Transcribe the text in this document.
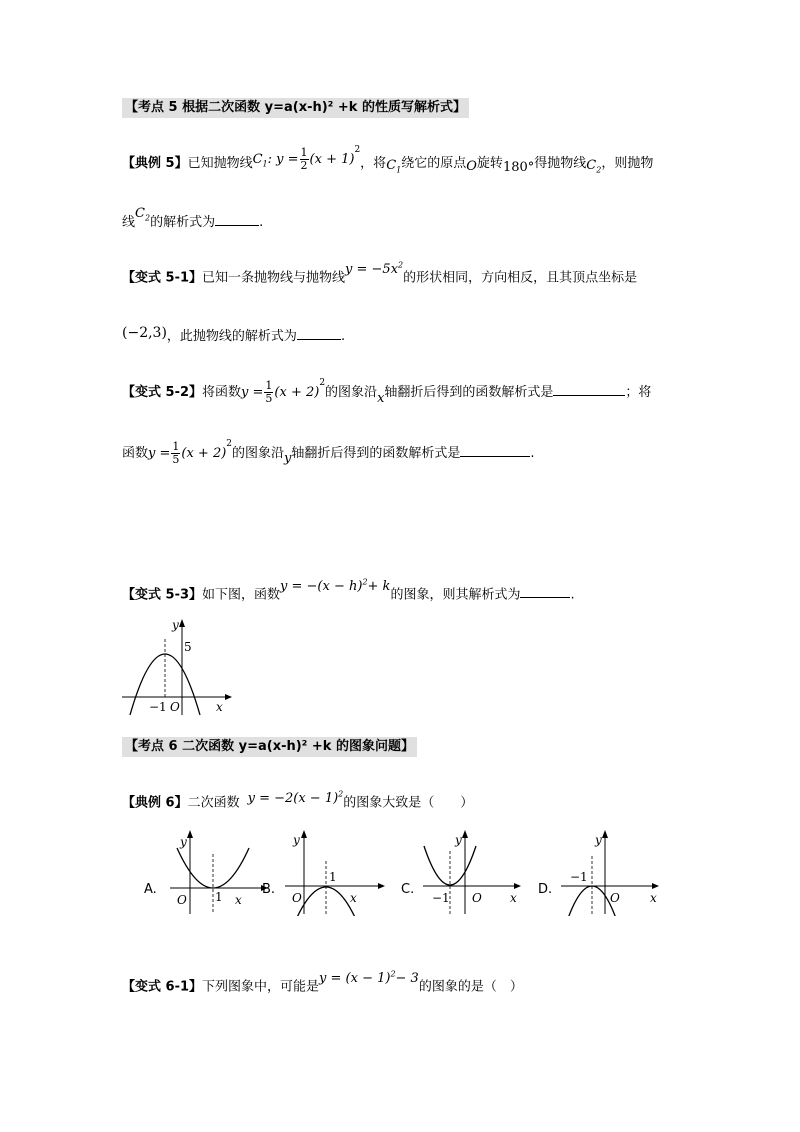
【考点 5 根据二次函数 y=a(x-h)² +k 的性质写解析式】
【典例 5】已知抛物线$C_1$: $y = \frac{1}{2} (x + 1)^2$，将$C_1$绕它的原点O旋转180°得抛物线$C_2$，则抛物
线$C_2$的解析式为	.
【变式 5-1】已知一条抛物线与抛物线$y = -5x^2$的形状相同，方向相反，且其顶点坐标是
(−2,3)，此抛物线的解析式为	.
【变式 5-2】将函数$y = \frac{1}{5} (x + 2)^2$的图象沿x轴翻折后得到的函数解析式是	；将
函数$y = \frac{1}{5} (x + 2)^2$的图象沿y轴翻折后得到的函数解析式是	.
【变式 5-3】如下图，函数$y = -(x - h)^2+ k$的图象，则其解析式为	.
y
5
−1 O	x
【考点 6 二次函数 y=a(x-h)² +k 的图象问题】
【典例 6】二次函数 $y = -2(x - 1)^2$的图象大致是（　　）
A.
y
O 1 x
B.
y
O
1
x
C.
y
−1 O x
D.
y
−1
O	x
【变式 6-1】下列图象中，可能是$y = (x - 1)^2- 3$的图象的是（　）
